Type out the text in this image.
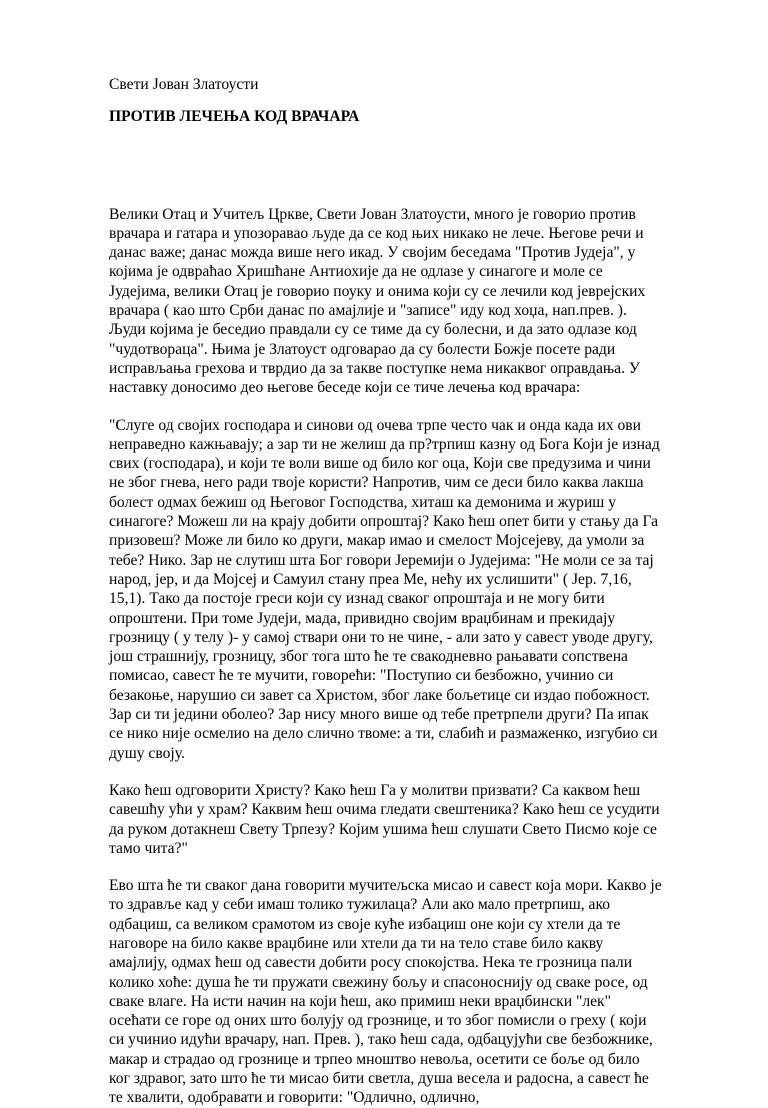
Свети Јован Златоусти

ПРОТИВ ЛЕЧЕЊА КОД ВРАЧАРА

Велики Отац и Учитељ Цркве, Свети Јован Златоусти, много је говорио против врачара и гатара и упозоравао људе да се код њих никако не лече. Његове речи и данас важе; данас можда више него икад. У својим беседама "Против Јудеја", у којима је одвраћао Хришћане Антиохије да не одлазе у синагоге и моле се Јудејима, велики Отац је говорио поуку и онима који су се лечили код јеврејских врачара ( као што Срби данас по амајлије и "записе" иду код хоџа, нап.прев. ). Људи којима је беседио правдали су се тиме да су болесни, и да зато одлазе код "чудотвораца". Њима је Златоуст одговарао да су болести Божје посете ради исправљања грехова и тврдио да за такве поступке нема никаквог оправдања. У наставку доносимо део његове беседе који се тиче лечења код врачара:

"Слуге од својих господара и синови од очева трпе често чак и онда када их ови неправедно кажњавају; а зар ти не желиш да пр?трпиш казну од Бога Који је изнад свих (господара), и који те воли више од било ког оца, Који све предузима и чини не због гнева, него ради твоје користи? Напротив, чим се деси било каква лакша болест одмах бежиш од Његовог Господства, хиташ ка демонима и журиш у синагоге? Можеш ли на крају добити опроштај? Како ћеш опет бити у стању да Га призовеш? Може ли било ко други, макар имао и смелост Мојсејеву, да умоли за тебе? Нико. Зар не слутиш шта Бог говори Јеремији о Јудејима: "Не моли се за тај народ, јер, и да Мојсеј и Самуил стану преа Ме, нећу их услишити" ( Јер. 7,16, 15,1). Тако да постоје греси који су изнад сваког опроштаја и не могу бити опроштени. При томе Јудеји, мада, привидно својим враџбинам и прекидају грозницу ( у телу )- у самој ствари они то не чине, - али зато у савест уводе другу, још страшнију, грозницу, због тога што ће те свакодневно рањавати сопствена помисао, савест ће те мучити, говорећи: "Поступио си безбожно, учинио си безакоње, нарушио си завет са Христом, због лаке бољетице си издао побожност. Зар си ти једини оболео? Зар нису много више од тебе претрпели други? Па ипак се нико није осмелио на дело слично твоме: а ти, слабић и размаженко, изгубио си душу своју.

Како ћеш одговорити Христу? Како ћеш Га у молитви призвати? Са каквом ћеш савешћу ући у храм? Каквим ћеш очима гледати свештеника? Како ћеш се усудити да руком дотакнеш Свету Трпезу? Којим ушима ћеш слушати Свето Писмо које се тамо чита?"

Ево шта ће ти сваког дана говорити мучитељска мисао и савест која мори. Какво је то здравље кад у себи имаш толико тужилаца? Али ако мало претрпиш, ако одбациш, са великом срамотом из своје куће избациш оне који су хтели да те наговоре на било какве враџбине или хтели да ти на тело ставе било какву амајлију, одмах ћеш од савести добити росу спокојства. Нека те грозница пали колико хоће: душа ће ти пружати свежину бољу и спасоноснију од сваке росе, од сваке влаге. На исти начин на који ћеш, ако примиш неки враџбински "лек" осећати се горе од оних што болују од грознице, и то због помисли о греху ( који си учинио идући врачару, нап. Прев. ), тако ћеш сада, одбацујући све безбожнике, макар и страдао од грознице и трпео мноштво невоља, осетити се боље од било ког здравог, зато што ће ти мисао бити светла, душа весела и радосна, а савест ће те хвалити, одобравати и говорити: "Одлично, одлично,
